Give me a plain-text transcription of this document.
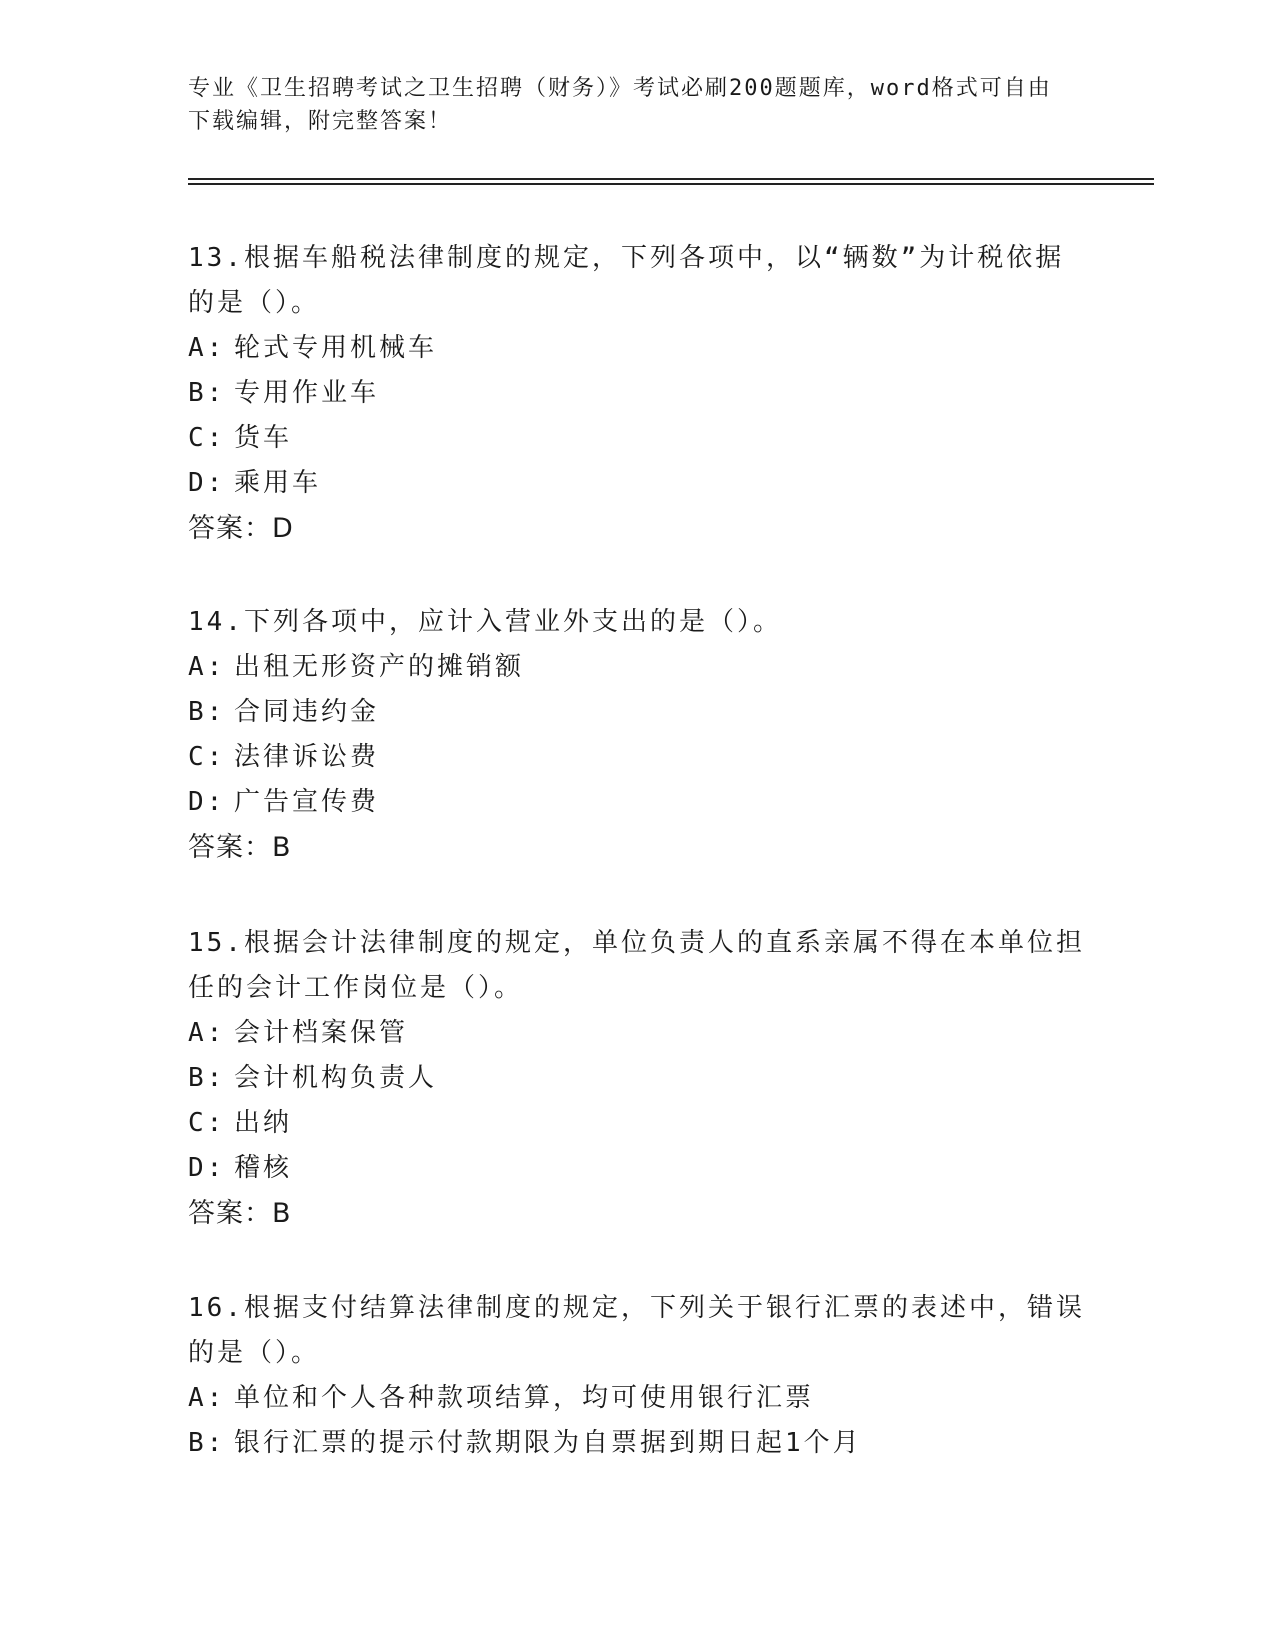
专业《卫生招聘考试之卫生招聘（财务）》考试必刷200题题库，word格式可自由下载编辑，附完整答案！

13.根据车船税法律制度的规定，下列各项中，以“辆数”为计税依据的是（）。

A: 轮式专用机械车
B: 专用作业车
C: 货车
D: 乘用车
答案：D

14.下列各项中，应计入营业外支出的是（）。

A: 出租无形资产的摊销额
B: 合同违约金
C: 法律诉讼费
D: 广告宣传费
答案：B

15.根据会计法律制度的规定，单位负责人的直系亲属不得在本单位担任的会计工作岗位是（）。

A: 会计档案保管
B: 会计机构负责人
C: 出纳
D: 稽核
答案：B

16.根据支付结算法律制度的规定，下列关于银行汇票的表述中，错误的是（）。

A: 单位和个人各种款项结算，均可使用银行汇票
B: 银行汇票的提示付款期限为自票据到期日起1个月
